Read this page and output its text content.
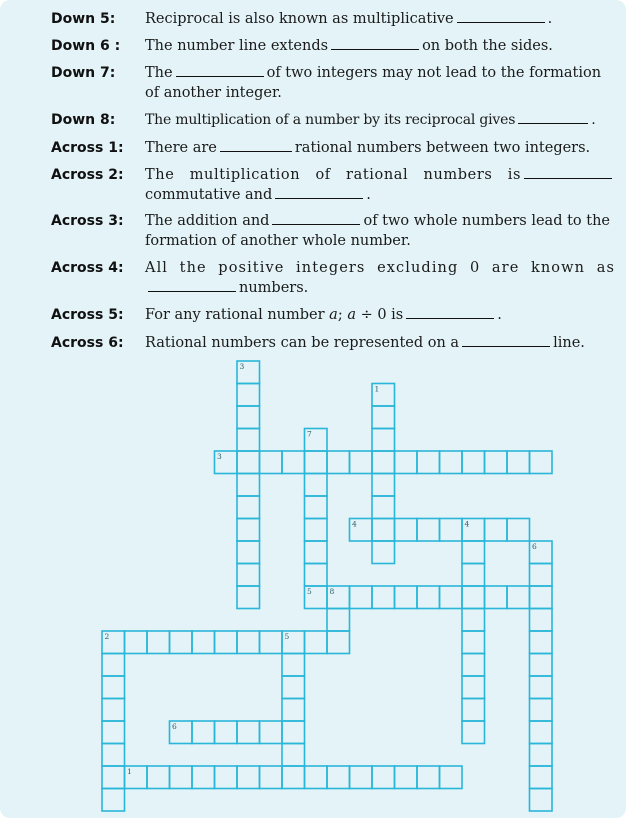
Down 5: Reciprocal is also known as multiplicative	.
Down 6 : The number line extends	on both the sides.
Down 7: The	of two integers may not lead to the formation of another integer.
Down 8: The multiplication of a number by its reciprocal gives	.
Across 1: There are	rational numbers between two integers.
Across 2: The multiplication of rational numbers is commutative and	.
Across 3: The addition and	of two whole numbers lead to the formation of another whole number.
Across 4: All the positive integers excluding 0 are known as numbers.
Across 5: For any rational number a; a ÷ 0 is	.
Across 6: Rational numbers can be represented on a	line.
3
1
7
3
4	4
6
5 8
2	5
6
1
